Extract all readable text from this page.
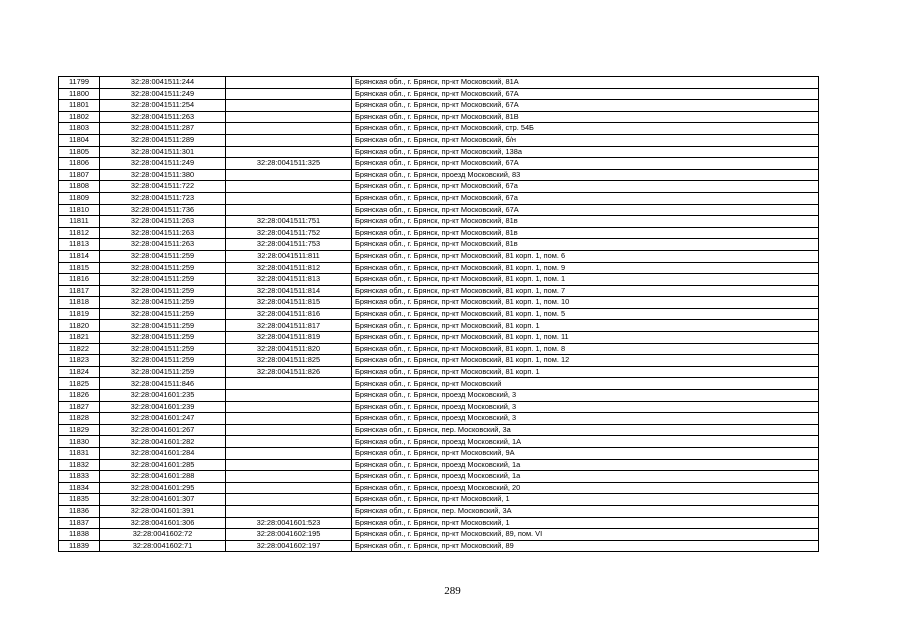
11799	32:28:0041511:244		Брянская обл., г. Брянск, пр-кт Московский, 81А
11800	32:28:0041511:249		Брянская обл., г. Брянск, пр-кт Московский, 67А
11801	32:28:0041511:254		Брянская обл., г. Брянск, пр-кт Московский, 67А
11802	32:28:0041511:263		Брянская обл., г. Брянск, пр-кт Московский, 81В
11803	32:28:0041511:287		Брянская обл., г. Брянск, пр-кт Московский, стр. 54Б
11804	32:28:0041511:289		Брянская обл., г. Брянск, пр-кт Московский, б/н
11805	32:28:0041511:301		Брянская обл., г. Брянск, пр-кт Московский, 138а
11806	32:28:0041511:249	32:28:0041511:325	Брянская обл., г. Брянск, пр-кт Московский, 67А
11807	32:28:0041511:380		Брянская обл., г. Брянск, проезд Московский, 83
11808	32:28:0041511:722		Брянская обл., г. Брянск, пр-кт Московский, 67а
11809	32:28:0041511:723		Брянская обл., г. Брянск, пр-кт Московский, 67а
11810	32:28:0041511:736		Брянская обл., г. Брянск, пр-кт Московский, 67А
11811	32:28:0041511:263	32:28:0041511:751	Брянская обл., г. Брянск, пр-кт Московский, 81в
11812	32:28:0041511:263	32:28:0041511:752	Брянская обл., г. Брянск, пр-кт Московский, 81в
11813	32:28:0041511:263	32:28:0041511:753	Брянская обл., г. Брянск, пр-кт Московский, 81в
11814	32:28:0041511:259	32:28:0041511:811	Брянская обл., г. Брянск, пр-кт Московский, 81 корп. 1, пом. 6
11815	32:28:0041511:259	32:28:0041511:812	Брянская обл., г. Брянск, пр-кт Московский, 81 корп. 1, пом. 9
11816	32:28:0041511:259	32:28:0041511:813	Брянская обл., г. Брянск, пр-кт Московский, 81 корп. 1, пом. 1
11817	32:28:0041511:259	32:28:0041511:814	Брянская обл., г. Брянск, пр-кт Московский, 81 корп. 1, пом. 7
11818	32:28:0041511:259	32:28:0041511:815	Брянская обл., г. Брянск, пр-кт Московский, 81 корп. 1, пом. 10
11819	32:28:0041511:259	32:28:0041511:816	Брянская обл., г. Брянск, пр-кт Московский, 81 корп. 1, пом. 5
11820	32:28:0041511:259	32:28:0041511:817	Брянская обл., г. Брянск, пр-кт Московский, 81 корп. 1
11821	32:28:0041511:259	32:28:0041511:819	Брянская обл., г. Брянск, пр-кт Московский, 81 корп. 1, пом. 11
11822	32:28:0041511:259	32:28:0041511:820	Брянская обл., г. Брянск, пр-кт Московский, 81 корп. 1, пом. 8
11823	32:28:0041511:259	32:28:0041511:825	Брянская обл., г. Брянск, пр-кт Московский, 81 корп. 1, пом. 12
11824	32:28:0041511:259	32:28:0041511:826	Брянская обл., г. Брянск, пр-кт Московский, 81 корп. 1
11825	32:28:0041511:846		Брянская обл., г. Брянск, пр-кт Московский
11826	32:28:0041601:235		Брянская обл., г. Брянск, проезд Московский, 3
11827	32:28:0041601:239		Брянская обл., г. Брянск, проезд Московский, 3
11828	32:28:0041601:247		Брянская обл., г. Брянск, проезд Московский, 3
11829	32:28:0041601:267		Брянская обл., г. Брянск, пер. Московский, 3а
11830	32:28:0041601:282		Брянская обл., г. Брянск, проезд Московский, 1А
11831	32:28:0041601:284		Брянская обл., г. Брянск, пр-кт Московский, 9А
11832	32:28:0041601:285		Брянская обл., г. Брянск, проезд Московский, 1а
11833	32:28:0041601:288		Брянская обл., г. Брянск, проезд Московский, 1а
11834	32:28:0041601:295		Брянская обл., г. Брянск, проезд Московский, 20
11835	32:28:0041601:307		Брянская обл., г. Брянск, пр-кт Московский, 1
11836	32:28:0041601:391		Брянская обл., г. Брянск, пер. Московский, 3А
11837	32:28:0041601:306	32:28:0041601:523	Брянская обл., г. Брянск, пр-кт Московский, 1
11838	32:28:0041602:72	32:28:0041602:195	Брянская обл., г. Брянск, пр-кт Московский, 89, пом. VI
11839	32:28:0041602:71	32:28:0041602:197	Брянская обл., г. Брянск, пр-кт Московский, 89
289
